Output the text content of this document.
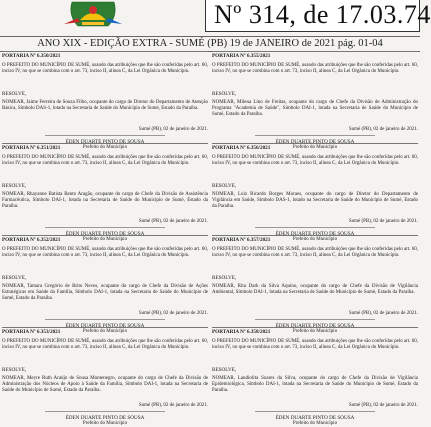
Nº 314, de 17.03.74
ANO XIX - EDIÇÃO EXTRA - SUMÉ (PB) 19 de JANEIRO de 2021 pág. 01-04
PORTARIA Nº 6.350/2021
O PREFEITO DO MUNICÍPIO DE SUMÉ, usando das atribuições que lhe são conferidas pelo art. 60, inciso IV, no que se combina com o art. 73, inciso II, alínea C, da Lei Orgânica do Município.
RESOLVE,
NOMEAR, Jaime Ferreira de Souza Filho, ocupante do cargo de Diretor do Departamento de Atenção Básica, Símbolo DAS-1, lotado na Secretaria de Saúde do Município de Sumé, Estado da Paraíba.
Sumé (PB), 02 de janeiro de 2021.
ÉDEN DUARTE PINTO DE SOUSA
Prefeito do Município
PORTARIA Nº 6.351/2021
O PREFEITO DO MUNICÍPIO DE SUMÉ, usando das atribuições que lhe são conferidas pelo art. 60, inciso IV, no que se combina com o art. 73, inciso II, alínea C, da Lei Orgânica do Município.
RESOLVE,
NOMEAR, Rhayanne Batista Bento Aragão, ocupante do cargo de Chefe da Divisão de Assistência Farmacêutica, Símbolo DAI-1, lotada na Secretaria de Saúde do Município de Sumé, Estado da Paraíba.
Sumé (PB), 02 de janeiro de 2021.
ÉDEN DUARTE PINTO DE SOUSA
Prefeito do Município
PORTARIA Nº 6.352/2021
O PREFEITO DO MUNICÍPIO DE SUMÉ, usando das atribuições que lhe são conferidas pelo art. 60, inciso IV, no que se combina com o art. 73, inciso II, alínea C, da Lei Orgânica do Município.
RESOLVE,
NOMEAR, Tamara Gregório de Brito Neves, ocupante do cargo de Chefe da Divisão de Ações Estratégicas em Saúde da Família, Símbolo DAI-1, lotada na Secretaria de Saúde do Município de Sumé, Estado da Paraíba.
Sumé (PB), 02 de janeiro de 2021.
ÉDEN DUARTE PINTO DE SOUSA
Prefeito do Município
PORTARIA Nº 6.353/2021
O PREFEITO DO MUNICÍPIO DE SUMÉ, usando das atribuições que lhe são conferidas pelo art. 60, inciso IV, no que se combina com o art. 73, inciso II, alínea C, da Lei Orgânica do Município.
RESOLVE,
NOMEAR, Meyre Ruth Araújo de Sousa Montenegro, ocupante do cargo de Chefe da Divisão de Administração dos Núcleos de Apoio à Saúde da Família, Símbolo DAI-1, lotada na Secretaria de Saúde do Município de Sumé, Estado da Paraíba.
Sumé (PB), 02 de janeiro de 2021.
ÉDEN DUARTE PINTO DE SOUSA
Prefeito do Município
PORTARIA Nº 6.355/2021
O PREFEITO DO MUNICÍPIO DE SUMÉ, usando das atribuições que lhe são conferidas pelo art. 60, inciso IV, no que se combina com o art. 73, inciso II, alínea C, da Lei Orgânica do Município.
RESOLVE,
NOMEAR, Milena Lino de Freitas, ocupante do cargo de Chefe da Divisão de Administração do Programa "Academia de Saúde", Símbolo DAI-1, lotada na Secretaria de Saúde do Município de Sumé, Estado da Paraíba.
Sumé (PB), 02 de janeiro de 2021.
ÉDEN DUARTE PINTO DE SOUSA
Prefeito do Município
PORTARIA Nº 6.356/2021
O PREFEITO DO MUNICÍPIO DE SUMÉ, usando das atribuições que lhe são conferidas pelo art. 60, inciso IV, no que se combina com o art. 73, inciso II, alínea C, da Lei Orgânica do Município.
RESOLVE,
NOMEAR, Luiz Ricardo Borges Moraes, ocupante do cargo de Diretor do Departamento de Vigilância em Saúde, Símbolo DAS-1, lotado na Secretaria de Saúde do Município de Sumé, Estado da Paraíba.
Sumé (PB), 02 de janeiro de 2021.
ÉDEN DUARTE PINTO DE SOUSA
Prefeito do Município
PORTARIA Nº 6.357/2021
O PREFEITO DO MUNICÍPIO DE SUMÉ, usando das atribuições que lhe são conferidas pelo art. 60, inciso IV, no que se combina com o art. 73, inciso II, alínea C, da Lei Orgânica do Município.
RESOLVE,
NOMEAR, Rita Dark da Silva Aquino, ocupante do cargo de Chefe da Divisão de Vigilância Ambiental, Símbolo DAI-1, lotada na Secretaria de Saúde do Município de Sumé, Estado da Paraíba.
Sumé (PB), 02 de janeiro de 2021.
ÉDEN DUARTE PINTO DE SOUSA
Prefeito do Município
PORTARIA Nº 6.358/2021
O PREFEITO DO MUNICÍPIO DE SUMÉ, usando das atribuições que lhe são conferidas pelo art. 60, inciso IV, no que se combina com o art. 73, inciso II, alínea C, da Lei Orgânica do Município.
RESOLVE,
NOMEAR, Landiolita Soares da Silva, ocupante do cargo de Chefe da Divisão de Vigilância Epidemiológica, Símbolo DAI-1, lotada na Secretaria de Saúde do Município de Sumé, Estado da Paraíba.
Sumé (PB), 02 de janeiro de 2021.
ÉDEN DUARTE PINTO DE SOUSA
Prefeito do Município
